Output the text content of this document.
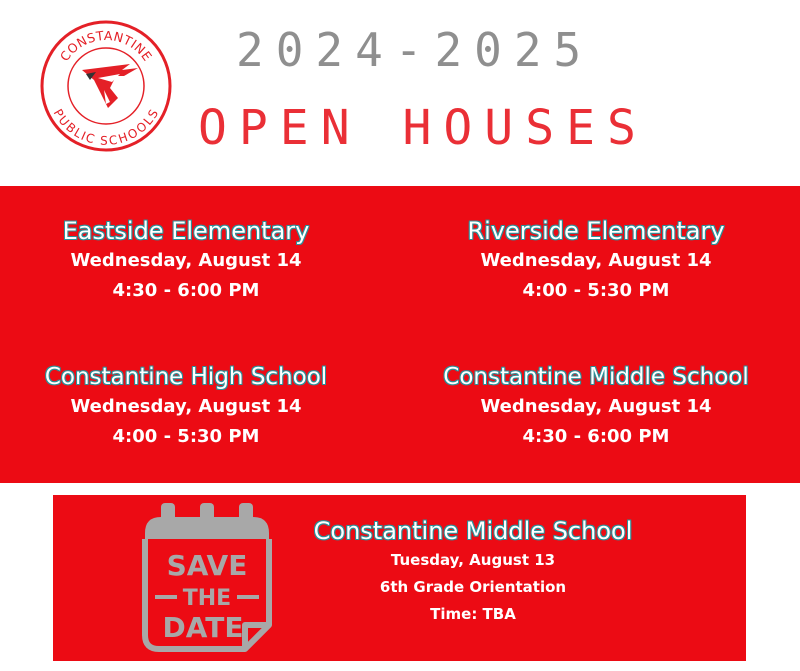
CONSTANTINE
PUBLIC SCHOOLS
2024-2025
OPEN HOUSES
Eastside Elementary
Wednesday, August 14
4:30 - 6:00 PM
Riverside Elementary
Wednesday, August 14
4:00 - 5:30 PM
Constantine High School
Wednesday, August 14
4:00 - 5:30 PM
Constantine Middle School
Wednesday, August 14
4:30 - 6:00 PM
SAVE
THE
DATE
Constantine Middle School
Tuesday, August 13
6th Grade Orientation
Time: TBA
